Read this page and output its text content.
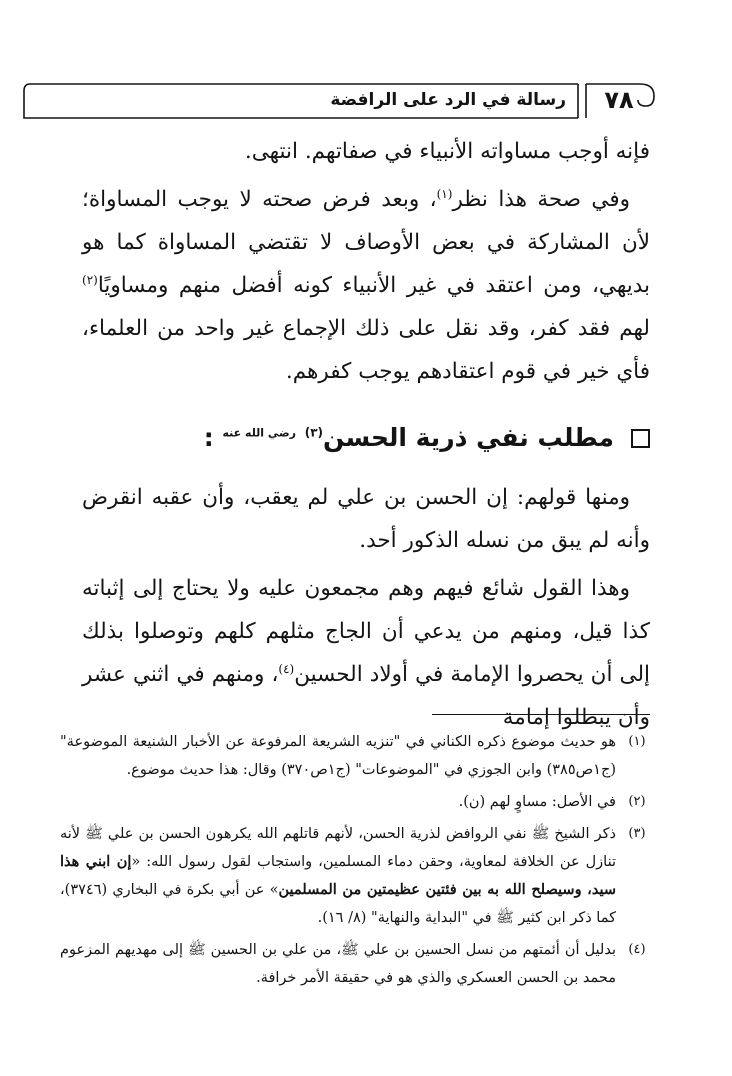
رسالة في الرد على الرافضة	٧٨
فإنه أوجب مساواته الأنبياء في صفاتهم. انتهى.
وفي صحة هذا نظر$^{(١)}$، وبعد فرض صحته لا يوجب المساواة؛ لأن المشاركة في بعض الأوصاف لا تقتضي المساواة كما هو بديهي، ومن اعتقد في غير الأنبياء كونه أفضل منهم ومساويًا$^{(٢)}$ لهم فقد كفر، وقد نقل على ذلك الإجماع غير واحد من العلماء، فأي خير في قوم اعتقادهم يوجب كفرهم.
مطلب نفي ذرية الحسن$^{(٣)}$ $^{رضي الله عنه}$ :
ومنها قولهم: إن الحسن بن علي لم يعقب، وأن عقبه انقرض وأنه لم يبق من نسله الذكور أحد.
وهذا القول شائع فيهم وهم مجمعون عليه ولا يحتاج إلى إثباته كذا قيل، ومنهم من يدعي أن الجاج مثلهم كلهم وتوصلوا بذلك إلى أن يحصروا الإمامة في أولاد الحسين$^{(٤)}$، ومنهم في اثني عشر وأن يبطلوا إمامة
(١)
هو حديث موضوع ذكره الكناني في "تنزيه الشريعة المرفوعة عن الأخبار الشنيعة الموضوعة" (ج١ص٣٨٥) وابن الجوزي في "الموضوعات" (ج١ص٣٧٠) وقال: هذا حديث موضوع.
(٢)
في الأصل: مساوٍ لهم (ن).
(٣)
ذكر الشيخ ﷺ نفي الروافض لذرية الحسن، لأنهم قاتلهم الله يكرهون الحسن بن علي ﷺ لأنه تنازل عن الخلافة لمعاوية، وحقن دماء المسلمين، واستجاب لقول رسول الله: «إن ابني هذا سيد، وسيصلح الله به بين فئتين عظيمتين من المسلمين» عن أبي بكرة في البخاري (٣٧٤٦)، كما ذكر ابن كثير ﷺ في "البداية والنهاية" (٨/ ١٦).
(٤)
بدليل أن أئمتهم من نسل الحسين بن علي ﷺ، من علي بن الحسين ﷺ إلى مهديهم المزعوم محمد بن الحسن العسكري والذي هو في حقيقة الأمر خرافة.
